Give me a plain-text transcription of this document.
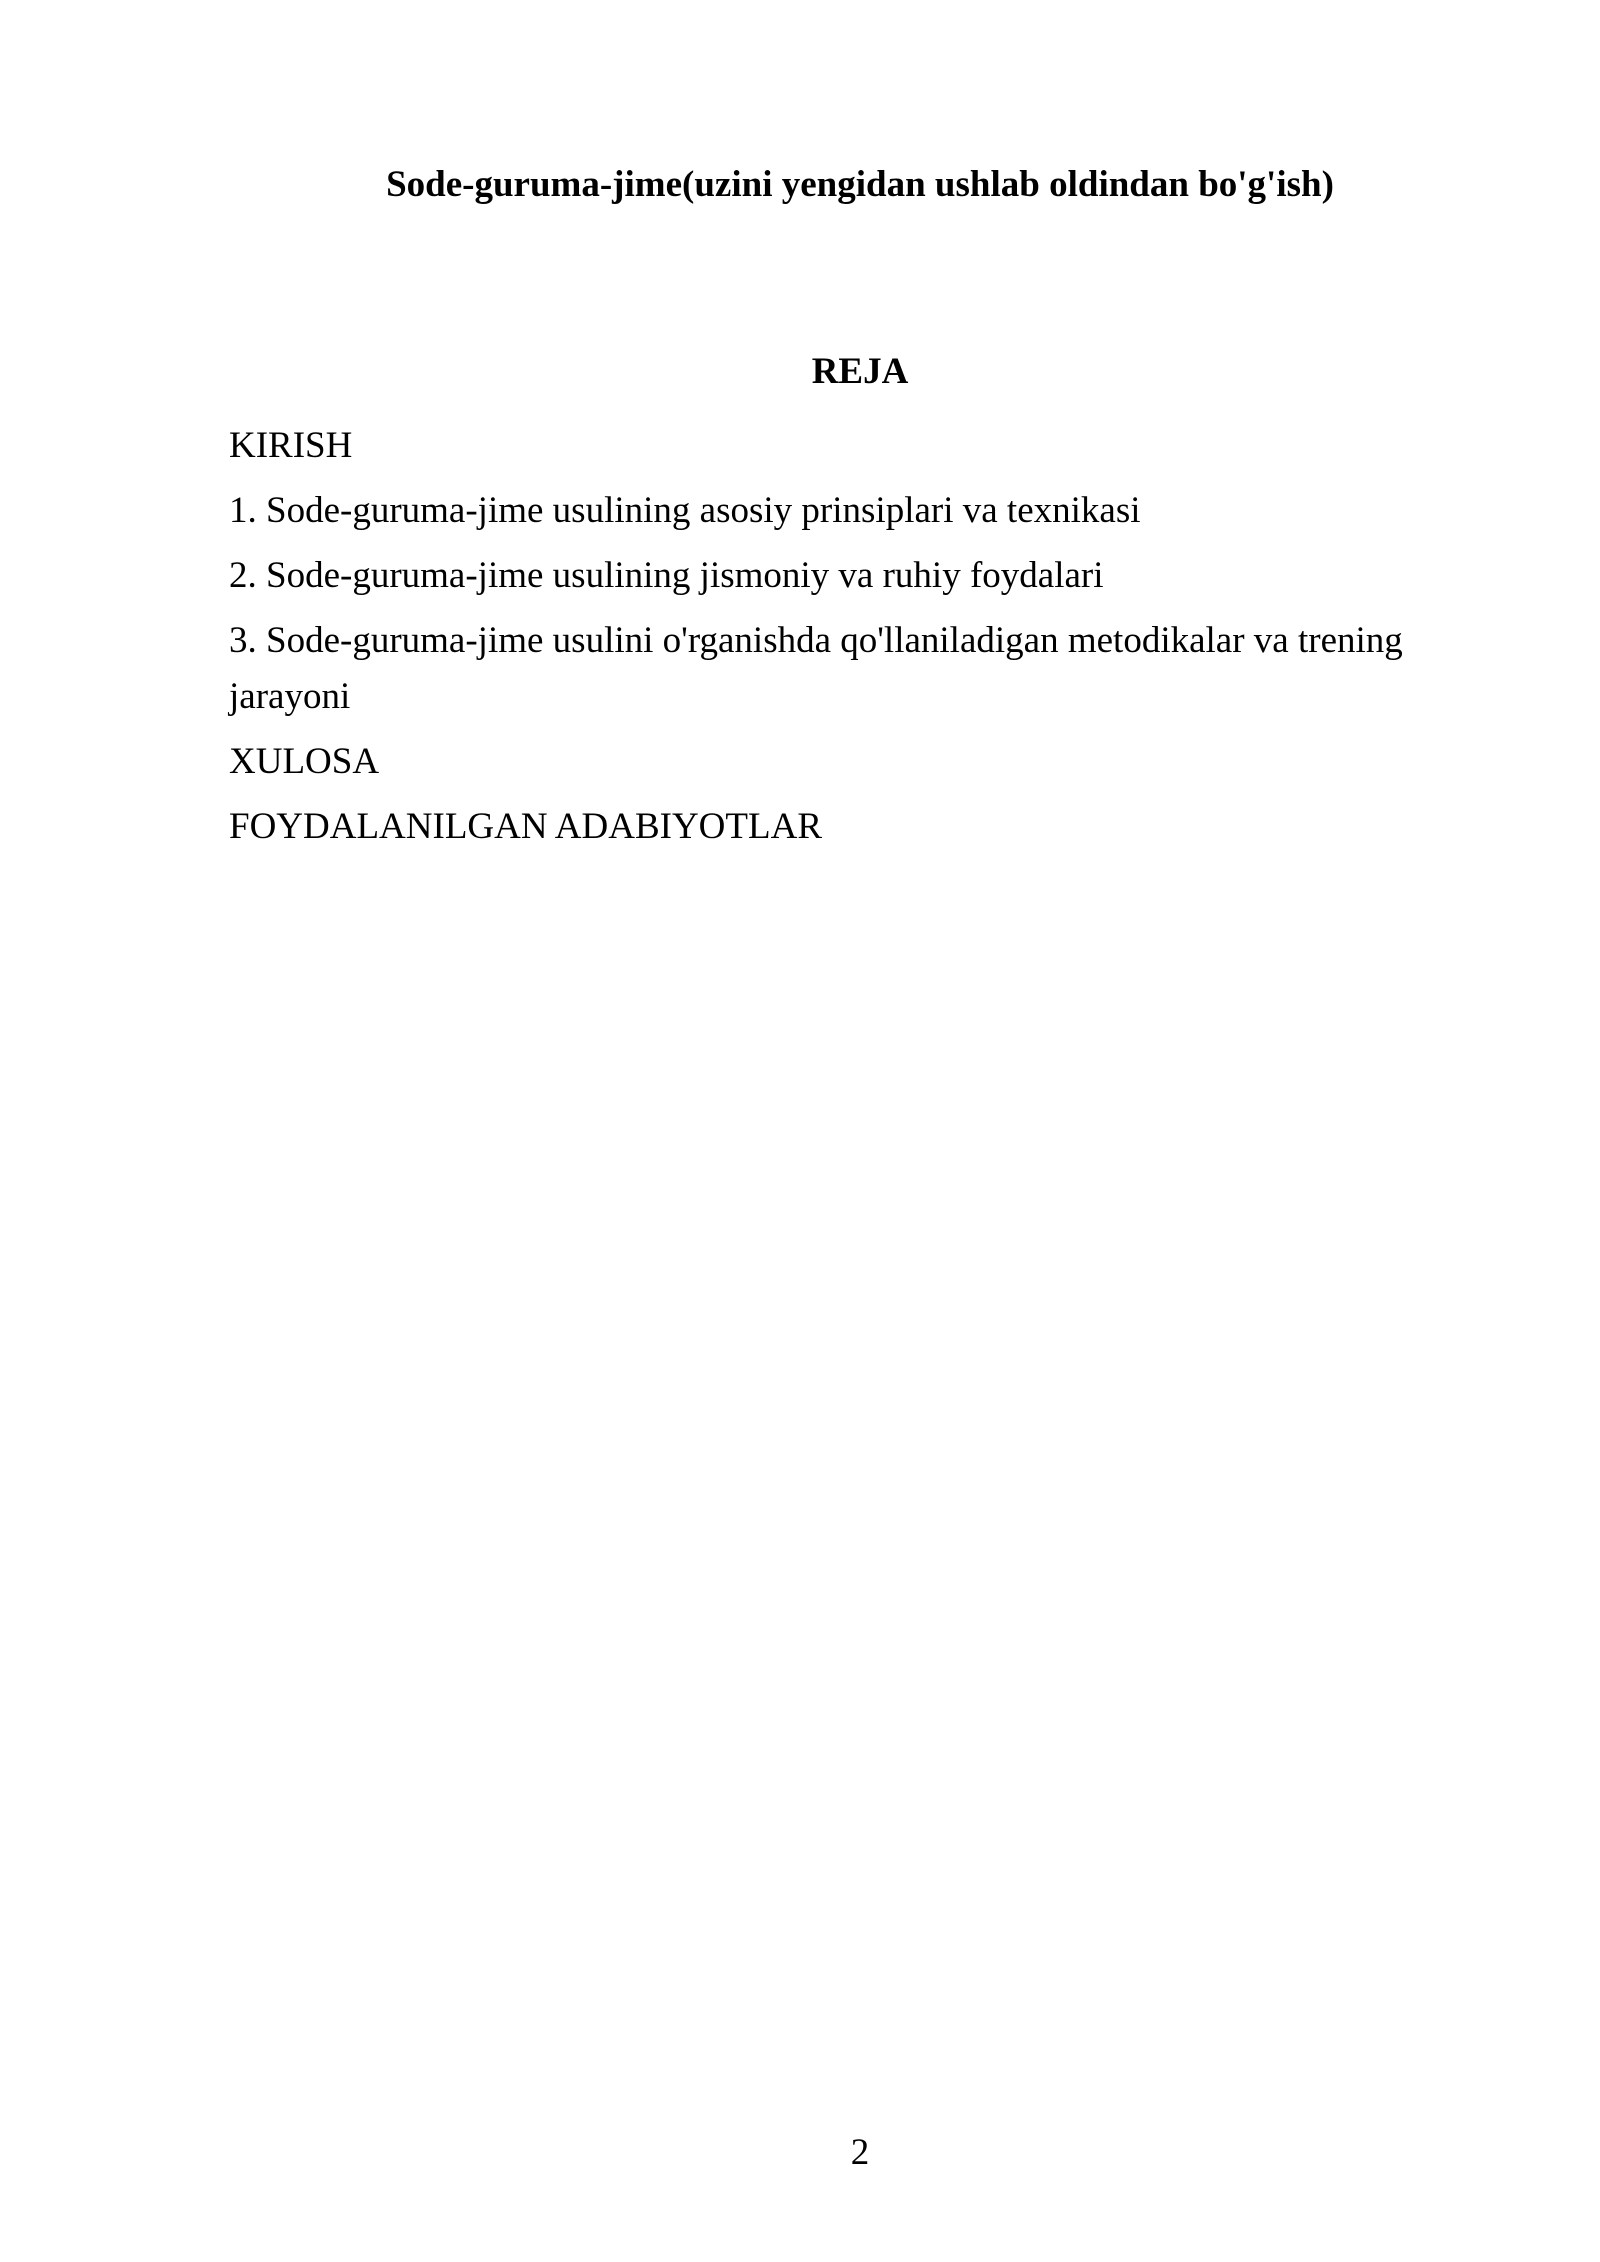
Sode-guruma-jime(uzini yengidan ushlab oldindan bo'g'ish)
REJA
KIRISH
1. Sode-guruma-jime usulining asosiy prinsiplari va texnikasi
2. Sode-guruma-jime usulining jismoniy va ruhiy foydalari
3. Sode-guruma-jime usulini o'rganishda qo'llaniladigan metodikalar va trening jarayoni
XULOSA
FOYDALANILGAN ADABIYOTLAR
2
